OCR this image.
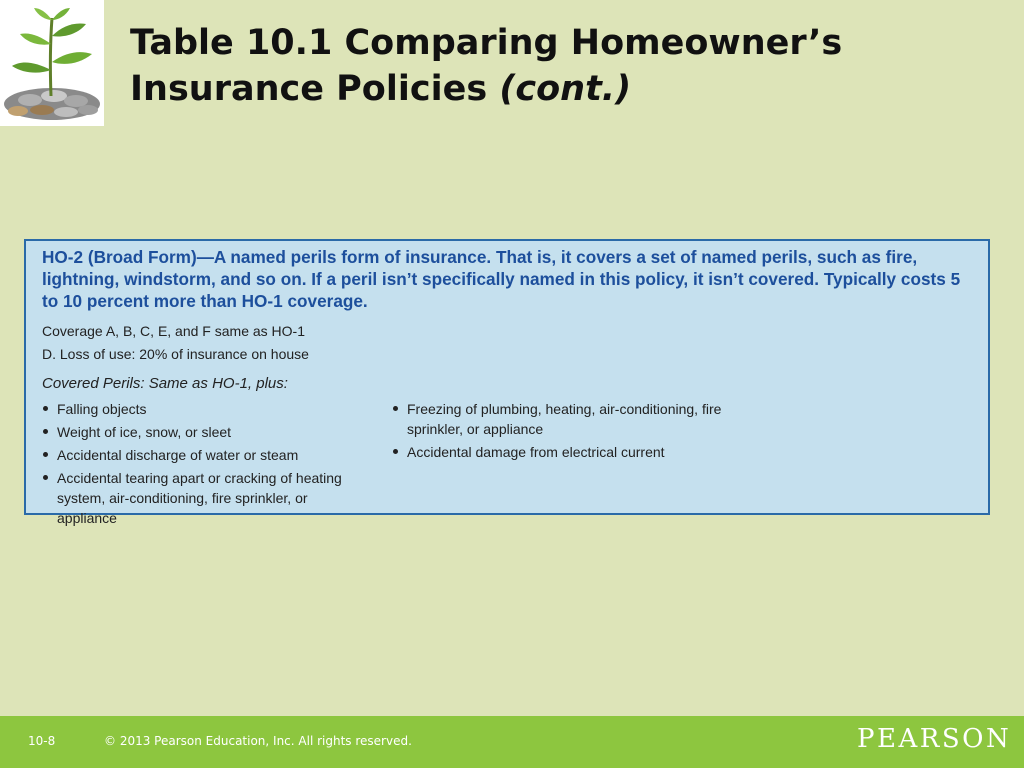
Table 10.1 Comparing Homeowner’s Insurance Policies (cont.)

HO-2 (Broad Form)—A named perils form of insurance. That is, it covers a set of named perils, such as fire, lightning, windstorm, and so on. If a peril isn’t specifically named in this policy, it isn’t covered. Typically costs 5 to 10 percent more than HO-1 coverage.

Coverage A, B, C, E, and F same as HO-1
D. Loss of use: 20% of insurance on house
Covered Perils: Same as HO-1, plus:
Falling objects
Weight of ice, snow, or sleet
Accidental discharge of water or steam
Accidental tearing apart or cracking of heating system, air-conditioning, fire sprinkler, or appliance
Freezing of plumbing, heating, air-conditioning, fire sprinkler, or appliance
Accidental damage from electrical current
10-8	© 2013 Pearson Education, Inc. All rights reserved.	PEARSON
